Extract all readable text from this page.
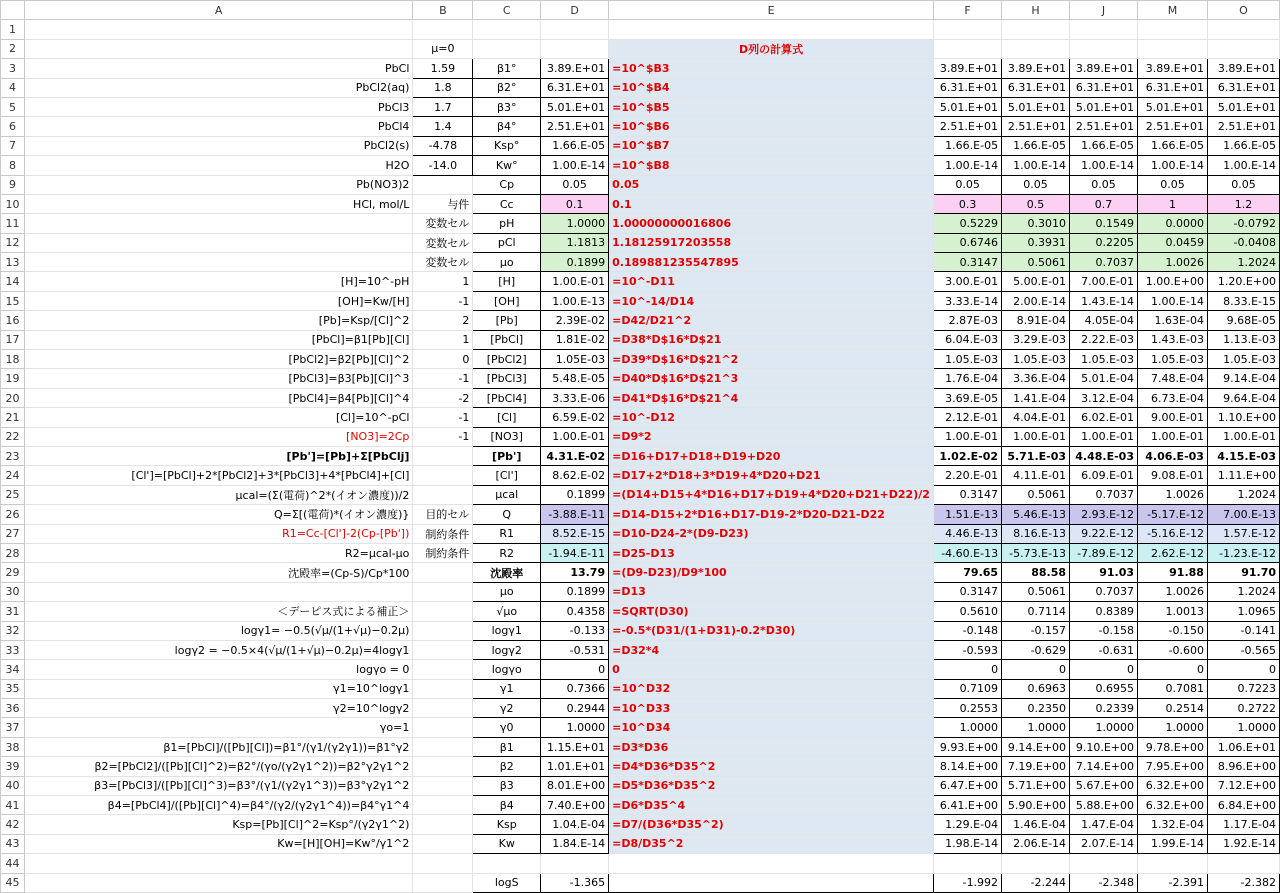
	A	B	C	D	E	F	H	J	M	O
1										
2		μ=0			D列の計算式					
3	PbCl	1.59	β1°	3.89.E+01	=10^$B3	3.89.E+01	3.89.E+01	3.89.E+01	3.89.E+01	3.89.E+01
4	PbCl2(aq)	1.8	β2°	6.31.E+01	=10^$B4	6.31.E+01	6.31.E+01	6.31.E+01	6.31.E+01	6.31.E+01
5	PbCl3	1.7	β3°	5.01.E+01	=10^$B5	5.01.E+01	5.01.E+01	5.01.E+01	5.01.E+01	5.01.E+01
6	PbCl4	1.4	β4°	2.51.E+01	=10^$B6	2.51.E+01	2.51.E+01	2.51.E+01	2.51.E+01	2.51.E+01
7	PbCl2(s)	-4.78	Ksp°	1.66.E-05	=10^$B7	1.66.E-05	1.66.E-05	1.66.E-05	1.66.E-05	1.66.E-05
8	H2O	-14.0	Kw°	1.00.E-14	=10^$B8	1.00.E-14	1.00.E-14	1.00.E-14	1.00.E-14	1.00.E-14
9	Pb(NO3)2		Cp	0.05	0.05	0.05	0.05	0.05	0.05	0.05
10	HCl, mol/L	与件	Cc	0.1	0.1	0.3	0.5	0.7	1	1.2
11		変数セル	pH	1.0000	1.00000000016806	0.5229	0.3010	0.1549	0.0000	-0.0792
12		変数セル	pCl	1.1813	1.18125917203558	0.6746	0.3931	0.2205	0.0459	-0.0408
13		変数セル	μo	0.1899	0.189881235547895	0.3147	0.5061	0.7037	1.0026	1.2024
14	[H]=10^-pH	1	[H]	1.00.E-01	=10^-D11	3.00.E-01	5.00.E-01	7.00.E-01	1.00.E+00	1.20.E+00
15	[OH]=Kw/[H]	-1	[OH]	1.00.E-13	=10^-14/D14	3.33.E-14	2.00.E-14	1.43.E-14	1.00.E-14	8.33.E-15
16	[Pb]=Ksp/[Cl]^2	2	[Pb]	2.39E-02	=D42/D21^2	2.87E-03	8.91E-04	4.05E-04	1.63E-04	9.68E-05
17	[PbCl]=β1[Pb][Cl]	1	[PbCl]	1.81E-02	=D38*D$16*D$21	6.04.E-03	3.29.E-03	2.22.E-03	1.43.E-03	1.13.E-03
18	[PbCl2]=β2[Pb][Cl]^2	0	[PbCl2]	1.05E-03	=D39*D$16*D$21^2	1.05.E-03	1.05.E-03	1.05.E-03	1.05.E-03	1.05.E-03
19	[PbCl3]=β3[Pb][Cl]^3	-1	[PbCl3]	5.48.E-05	=D40*D$16*D$21^3	1.76.E-04	3.36.E-04	5.01.E-04	7.48.E-04	9.14.E-04
20	[PbCl4]=β4[Pb][Cl]^4	-2	[PbCl4]	3.33.E-06	=D41*D$16*D$21^4	3.69.E-05	1.41.E-04	3.12.E-04	6.73.E-04	9.64.E-04
21	[Cl]=10^-pCl	-1	[Cl]	6.59.E-02	=10^-D12	2.12.E-01	4.04.E-01	6.02.E-01	9.00.E-01	1.10.E+00
22	[NO3]=2Cp	-1	[NO3]	1.00.E-01	=D9*2	1.00.E-01	1.00.E-01	1.00.E-01	1.00.E-01	1.00.E-01
23	[Pb']=[Pb]+Σ[PbClj]		[Pb']	4.31.E-02	=D16+D17+D18+D19+D20	1.02.E-02	5.71.E-03	4.48.E-03	4.06.E-03	4.15.E-03
24	[Cl']=[PbCl]+2*[PbCl2]+3*[PbCl3]+4*[PbCl4]+[Cl]		[Cl']	8.62.E-02	=D17+2*D18+3*D19+4*D20+D21	2.20.E-01	4.11.E-01	6.09.E-01	9.08.E-01	1.11.E+00
25	μcal=(Σ(電荷)^2*(イオン濃度))/2		μcal	0.1899	=(D14+D15+4*D16+D17+D19+4*D20+D21+D22)/2	0.3147	0.5061	0.7037	1.0026	1.2024
26	Q=Σ[(電荷)*(イオン濃度)}	目的セル	Q	-3.88.E-11	=D14-D15+2*D16+D17-D19-2*D20-D21-D22	1.51.E-13	5.46.E-13	2.93.E-12	-5.17.E-12	7.00.E-13
27	R1=Cc-[Cl']-2(Cp-[Pb'])	制約条件	R1	8.52.E-15	=D10-D24-2*(D9-D23)	4.46.E-13	8.16.E-13	9.22.E-12	-5.16.E-12	1.57.E-12
28	R2=μcal-μo	制約条件	R2	-1.94.E-11	=D25-D13	-4.60.E-13	-5.73.E-13	-7.89.E-12	2.62.E-12	-1.23.E-12
29	沈殿率=(Cp-S)/Cp*100		沈殿率	13.79	=(D9-D23)/D9*100	79.65	88.58	91.03	91.88	91.70
30			μo	0.1899	=D13	0.3147	0.5061	0.7037	1.0026	1.2024
31	＜デーピス式による補正＞		√μo	0.4358	=SQRT(D30)	0.5610	0.7114	0.8389	1.0013	1.0965
32	logγ1= −0.5(√μ/(1+√μ)−0.2μ)		logγ1	-0.133	=-0.5*(D31/(1+D31)-0.2*D30)	-0.148	-0.157	-0.158	-0.150	-0.141
33	logγ2 = −0.5×4(√μ/(1+√μ)−0.2μ)=4logγ1		logγ2	-0.531	=D32*4	-0.593	-0.629	-0.631	-0.600	-0.565
34	logγo = 0		logγo	0	0	0	0	0	0	0
35	γ1=10^logγ1		γ1	0.7366	=10^D32	0.7109	0.6963	0.6955	0.7081	0.7223
36	γ2=10^logγ2		γ2	0.2944	=10^D33	0.2553	0.2350	0.2339	0.2514	0.2722
37	γo=1		γ0	1.0000	=10^D34	1.0000	1.0000	1.0000	1.0000	1.0000
38	β1=[PbCl]/([Pb][Cl])=β1°/(γ1/(γ2γ1))=β1°γ2		β1	1.15.E+01	=D3*D36	9.93.E+00	9.14.E+00	9.10.E+00	9.78.E+00	1.06.E+01
39	β2=[PbCl2]/([Pb][Cl]^2)=β2°/(γo/(γ2γ1^2))=β2°γ2γ1^2		β2	1.01.E+01	=D4*D36*D35^2	8.14.E+00	7.19.E+00	7.14.E+00	7.95.E+00	8.96.E+00
40	β3=[PbCl3]/([Pb][Cl]^3)=β3°/(γ1/(γ2γ1^3))=β3°γ2γ1^2		β3	8.01.E+00	=D5*D36*D35^2	6.47.E+00	5.71.E+00	5.67.E+00	6.32.E+00	7.12.E+00
41	β4=[PbCl4]/([Pb][Cl]^4)=β4°/(γ2/(γ2γ1^4))=β4°γ1^4		β4	7.40.E+00	=D6*D35^4	6.41.E+00	5.90.E+00	5.88.E+00	6.32.E+00	6.84.E+00
42	Ksp=[Pb][Cl]^2=Ksp°/(γ2γ1^2)		Ksp	1.04.E-04	=D7/(D36*D35^2)	1.29.E-04	1.46.E-04	1.47.E-04	1.32.E-04	1.17.E-04
43	Kw=[H][OH]=Kw°/γ1^2		Kw	1.84.E-14	=D8/D35^2	1.98.E-14	2.06.E-14	2.07.E-14	1.99.E-14	1.92.E-14
44										
45			logS	-1.365		-1.992	-2.244	-2.348	-2.391	-2.382
